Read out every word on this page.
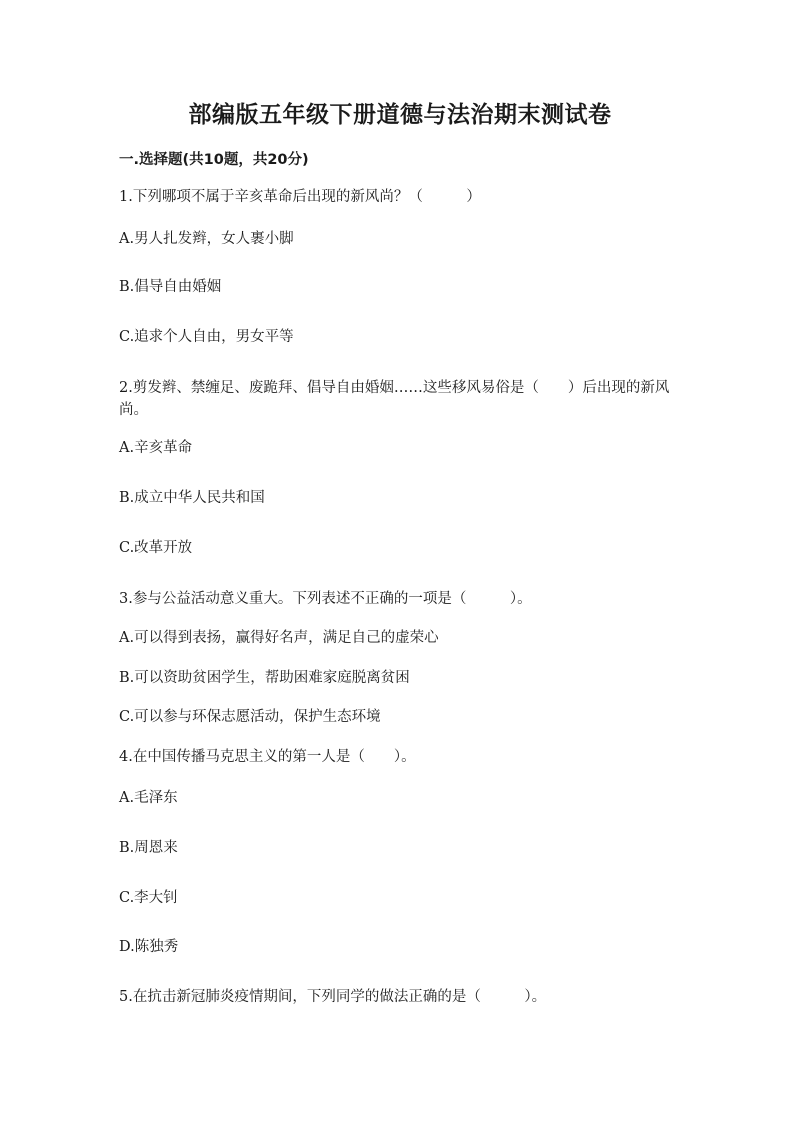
部编版五年级下册道德与法治期末测试卷
一.选择题(共10题，共20分)
1.下列哪项不属于辛亥革命后出现的新风尚？（　　　）
A.男人扎发辫，女人裹小脚
B.倡导自由婚姻
C.追求个人自由，男女平等
2.剪发辫、禁缠足、废跪拜、倡导自由婚姻……这些移风易俗是（　　）后出现的新风尚。
A.辛亥革命
B.成立中华人民共和国
C.改革开放
3.参与公益活动意义重大。下列表述不正确的一项是（　　　）。
A.可以得到表扬，赢得好名声，满足自己的虚荣心
B.可以资助贫困学生，帮助困难家庭脱离贫困
C.可以参与环保志愿活动，保护生态环境
4.在中国传播马克思主义的第一人是（　　）。
A.毛泽东
B.周恩来
C.李大钊
D.陈独秀
5.在抗击新冠肺炎疫情期间，下列同学的做法正确的是（　　　）。
